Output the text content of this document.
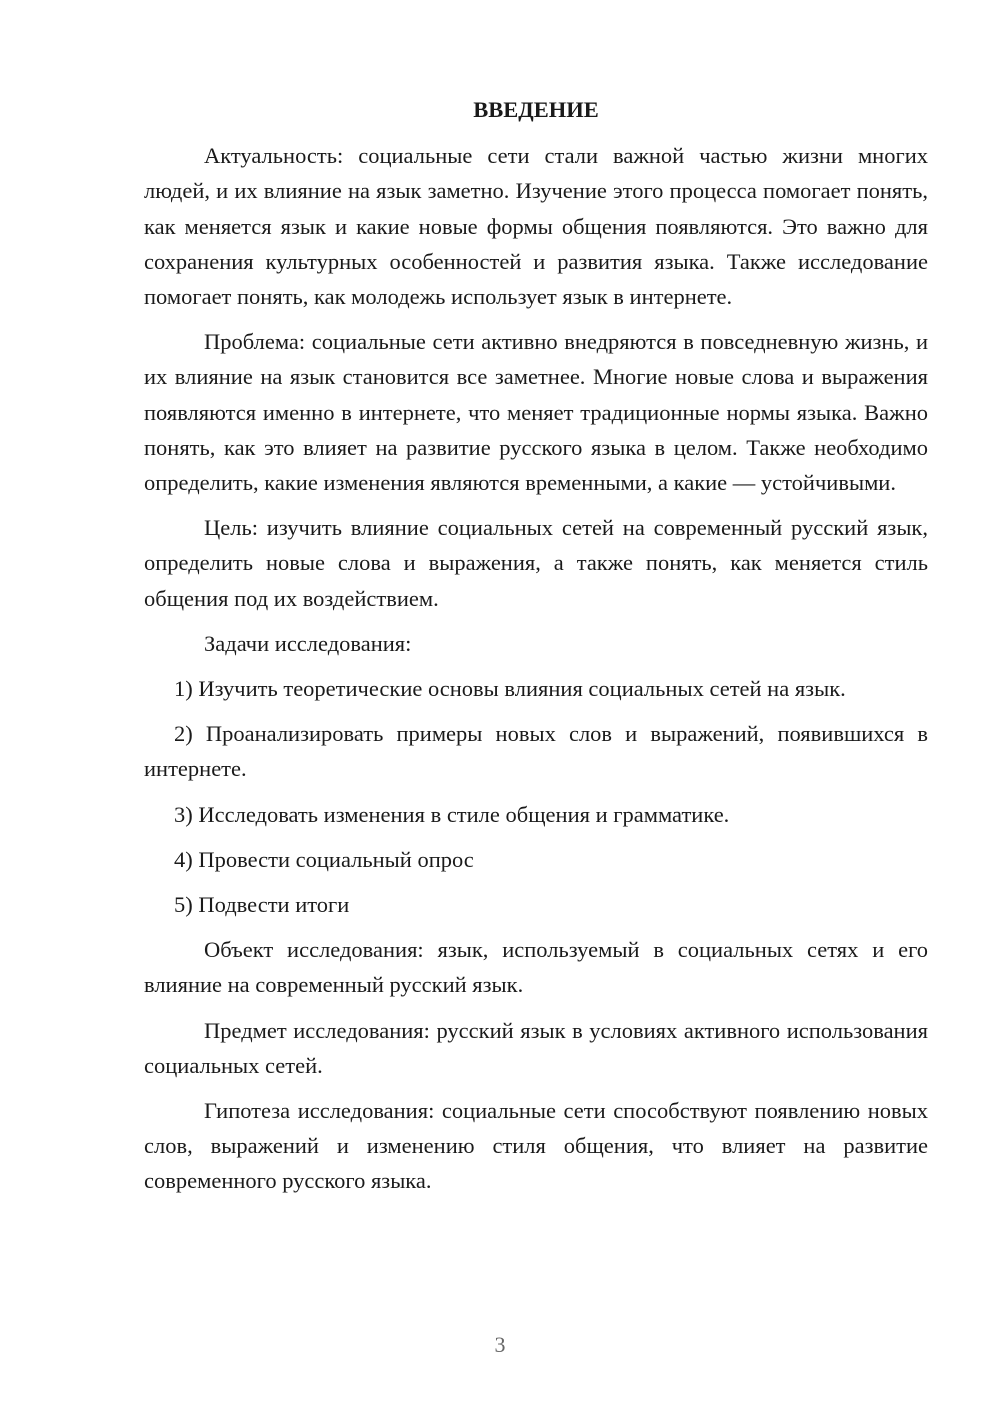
ВВЕДЕНИЕ

Актуальность: социальные сети стали важной частью жизни многих людей, и их влияние на язык заметно. Изучение этого процесса помогает понять, как меняется язык и какие новые формы общения появляются. Это важно для сохранения культурных особенностей и развития языка. Также исследование помогает понять, как молодежь использует язык в интернете.

Проблема: социальные сети активно внедряются в повседневную жизнь, и их влияние на язык становится все заметнее. Многие новые слова и выражения появляются именно в интернете, что меняет традиционные нормы языка. Важно понять, как это влияет на развитие русского языка в целом. Также необходимо определить, какие изменения являются временными, а какие — устойчивыми.

Цель: изучить влияние социальных сетей на современный русский язык, определить новые слова и выражения, а также понять, как меняется стиль общения под их воздействием.

Задачи исследования:

1) Изучить теоретические основы влияния социальных сетей на язык.

2) Проанализировать примеры новых слов и выражений, появившихся в интернете.

3) Исследовать изменения в стиле общения и грамматике.

4) Провести социальный опрос

5) Подвести итоги

Объект исследования: язык, используемый в социальных сетях и его влияние на современный русский язык.

Предмет исследования: русский язык в условиях активного использования социальных сетей.

Гипотеза исследования: социальные сети способствуют появлению новых слов, выражений и изменению стиля общения, что влияет на развитие современного русского языка.

3
